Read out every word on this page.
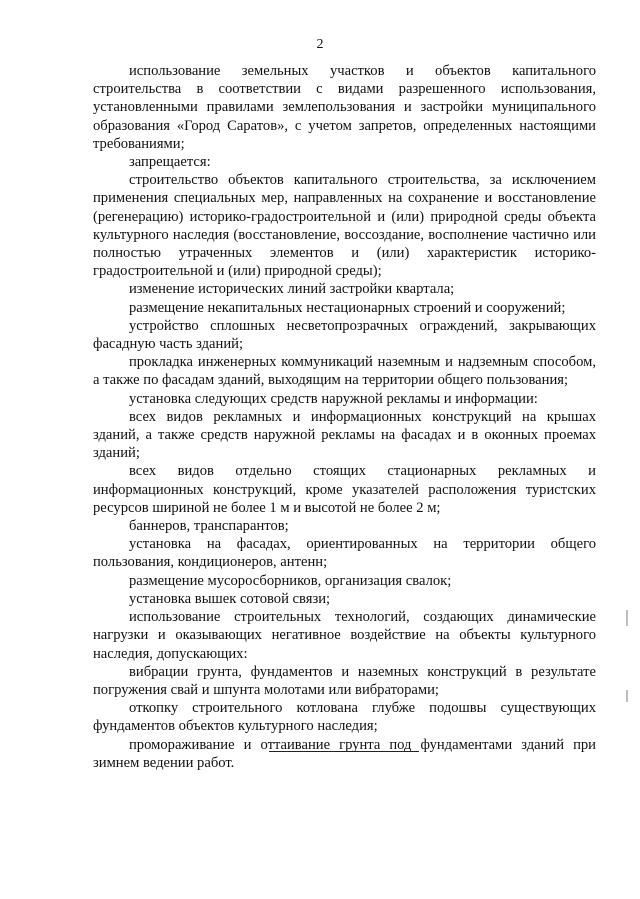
2

использование земельных участков и объектов капитального строительства в соответствии с видами разрешенного использования, установленными правилами землепользования и застройки муниципального образования «Город Саратов», с учетом запретов, определенных настоящими требованиями;

запрещается:

строительство объектов капитального строительства, за исключением применения специальных мер, направленных на сохранение и восстановление (регенерацию) историко-градостроительной и (или) природной среды объекта культурного наследия (восстановление, воссоздание, восполнение частично или полностью утраченных элементов и (или) характеристик историко-градостроительной и (или) природной среды);

изменение исторических линий застройки квартала;

размещение некапитальных нестационарных строений и сооружений;

устройство сплошных несветопрозрачных ограждений, закрывающих фасадную часть зданий;

прокладка инженерных коммуникаций наземным и надземным способом, а также по фасадам зданий, выходящим на территории общего пользования;

установка следующих средств наружной рекламы и информации:

всех видов рекламных и информационных конструкций на крышах зданий, а также средств наружной рекламы на фасадах и в оконных проемах зданий;

всех видов отдельно стоящих стационарных рекламных и информационных конструкций, кроме указателей расположения туристских ресурсов шириной не более 1 м и высотой не более 2 м;

баннеров, транспарантов;

установка на фасадах, ориентированных на территории общего пользования, кондиционеров, антенн;

размещение мусоросборников, организация свалок;

установка вышек сотовой связи;

использование строительных технологий, создающих динамические нагрузки и оказывающих негативное воздействие на объекты культурного наследия, допускающих:

вибрации грунта, фундаментов и наземных конструкций в результате погружения свай и шпунта молотами или вибраторами;

откопку строительного котлована глубже подошвы существующих фундаментов объектов культурного наследия;

промораживание и оттаивание грунта под фундаментами зданий при зимнем ведении работ.
